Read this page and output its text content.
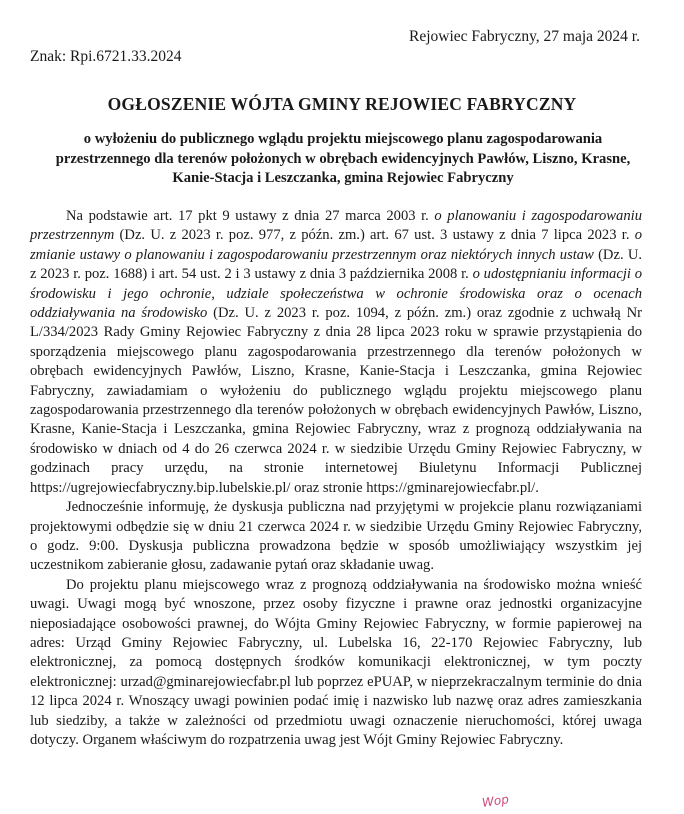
Rejowiec Fabryczny, 27 maja 2024 r.
Znak: Rpi.6721.33.2024
OGŁOSZENIE WÓJTA GMINY REJOWIEC FABRYCZNY
o wyłożeniu do publicznego wglądu projektu miejscowego planu zagospodarowania przestrzennego dla terenów położonych w obrębach ewidencyjnych Pawłów, Liszno, Krasne, Kanie-Stacja i Leszczanka, gmina Rejowiec Fabryczny

Na podstawie art. 17 pkt 9 ustawy z dnia 27 marca 2003 r. o planowaniu i zagospodarowaniu przestrzennym (Dz. U. z 2023 r. poz. 977, z późn. zm.) art. 67 ust. 3 ustawy z dnia 7 lipca 2023 r. o zmianie ustawy o planowaniu i zagospodarowaniu przestrzennym oraz niektórych innych ustaw (Dz. U. z 2023 r. poz. 1688) i art. 54 ust. 2 i 3 ustawy z dnia 3 października 2008 r. o udostępnianiu informacji o środowisku i jego ochronie, udziale społeczeństwa w ochronie środowiska oraz o ocenach oddziaływania na środowisko (Dz. U. z 2023 r. poz. 1094, z późn. zm.) oraz zgodnie z uchwałą Nr L/334/2023 Rady Gminy Rejowiec Fabryczny z dnia 28 lipca 2023 roku w sprawie przystąpienia do sporządzenia miejscowego planu zagospodarowania przestrzennego dla terenów położonych w obrębach ewidencyjnych Pawłów, Liszno, Krasne, Kanie-Stacja i Leszczanka, gmina Rejowiec Fabryczny, zawiadamiam o wyłożeniu do publicznego wglądu projektu miejscowego planu zagospodarowania przestrzennego dla terenów położonych w obrębach ewidencyjnych Pawłów, Liszno, Krasne, Kanie-Stacja i Leszczanka, gmina Rejowiec Fabryczny, wraz z prognozą oddziaływania na środowisko w dniach od 4 do 26 czerwca 2024 r. w siedzibie Urzędu Gminy Rejowiec Fabryczny, w godzinach pracy urzędu, na stronie internetowej Biuletynu Informacji Publicznej https://ugrejowiecfabryczny.bip.lubelskie.pl/ oraz stronie https://gminarejowiecfabr.pl/.

Jednocześnie informuję, że dyskusja publiczna nad przyjętymi w projekcie planu rozwiązaniami projektowymi odbędzie się w dniu 21 czerwca 2024 r. w siedzibie Urzędu Gminy Rejowiec Fabryczny, o godz. 9:00. Dyskusja publiczna prowadzona będzie w sposób umożliwiający wszystkim jej uczestnikom zabieranie głosu, zadawanie pytań oraz składanie uwag.

Do projektu planu miejscowego wraz z prognozą oddziaływania na środowisko można wnieść uwagi. Uwagi mogą być wnoszone, przez osoby fizyczne i prawne oraz jednostki organizacyjne nieposiadające osobowości prawnej, do Wójta Gminy Rejowiec Fabryczny, w formie papierowej na adres: Urząd Gminy Rejowiec Fabryczny, ul. Lubelska 16, 22-170 Rejowiec Fabryczny, lub elektronicznej, za pomocą dostępnych środków komunikacji elektronicznej, w tym poczty elektronicznej: urzad@gminarejowiecfabr.pl lub poprzez ePUAP, w nieprzekraczalnym terminie do dnia 12 lipca 2024 r. Wnoszący uwagi powinien podać imię i nazwisko lub nazwę oraz adres zamieszkania lub siedziby, a także w zależności od przedmiotu uwagi oznaczenie nieruchomości, której uwaga dotyczy. Organem właściwym do rozpatrzenia uwag jest Wójt Gminy Rejowiec Fabryczny.

Wop
